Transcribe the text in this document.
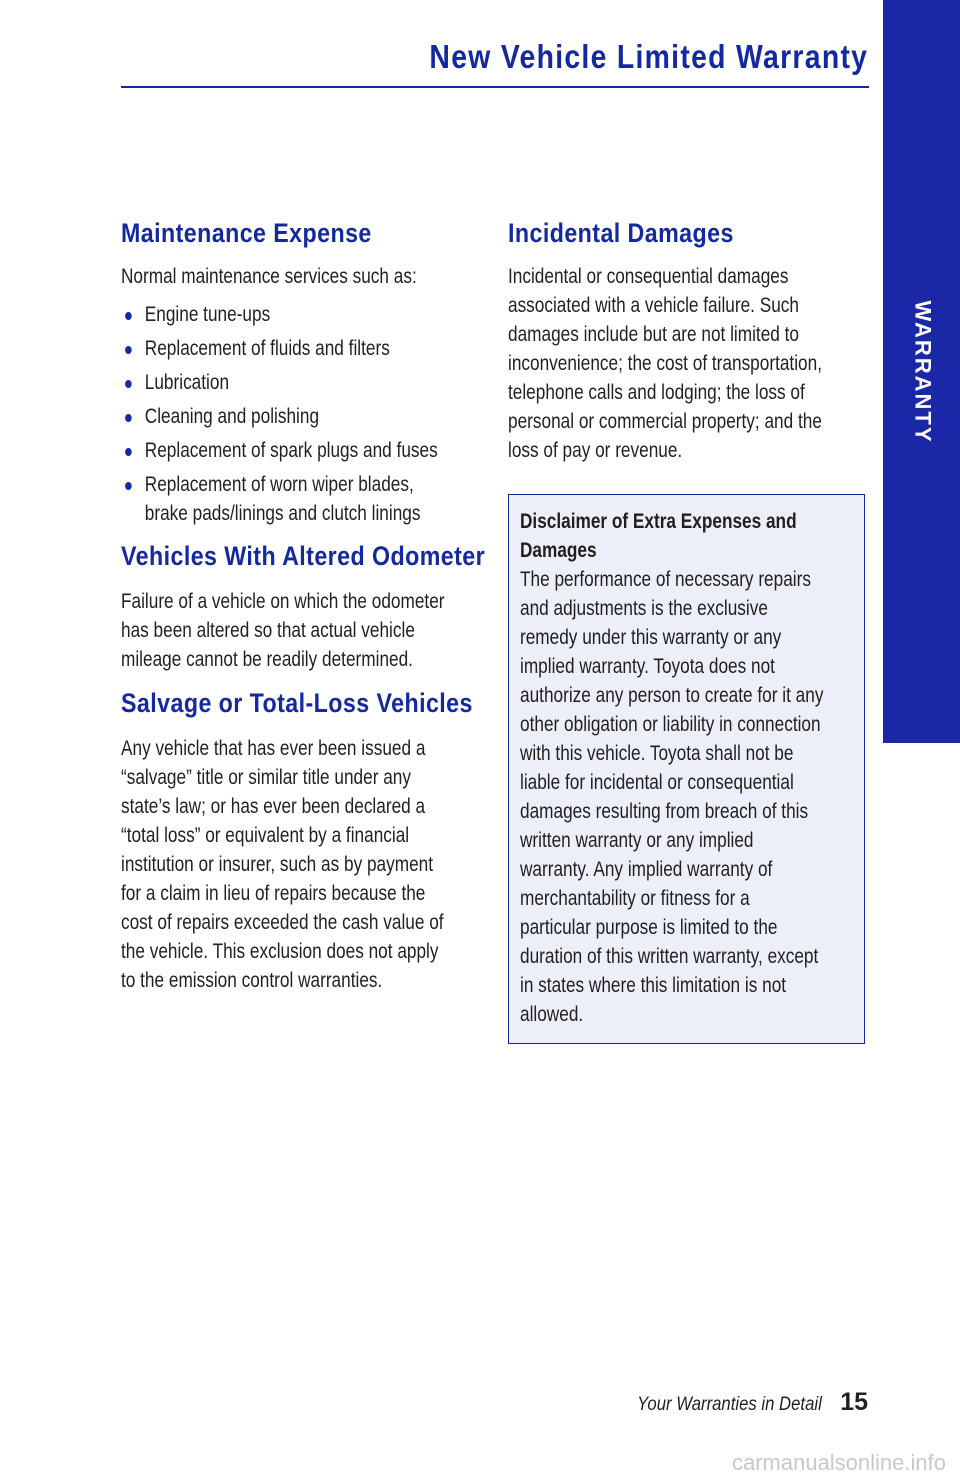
New Vehicle Limited Warranty
WARRANTY
Maintenance Expense
Normal maintenance services such as:
Engine tune-ups
Replacement of fluids and filters
Lubrication
Cleaning and polishing
Replacement of spark plugs and fuses
Replacement of worn wiper blades,
brake pads/linings and clutch linings
Vehicles With Altered Odometer

Failure of a vehicle on which the odometer

has been altered so that actual vehicle

mileage cannot be readily determined.

Salvage or Total-Loss Vehicles

Any vehicle that has ever been issued a

“salvage” title or similar title under any

state’s law; or has ever been declared a

“total loss” or equivalent by a financial

institution or insurer, such as by payment

for a claim in lieu of repairs because the

cost of repairs exceeded the cash value of

the vehicle. This exclusion does not apply

to the emission control warranties.

Incidental Damages

Incidental or consequential damages

associated with a vehicle failure. Such

damages include but are not limited to

inconvenience; the cost of transportation,

telephone calls and lodging; the loss of

personal or commercial property; and the

loss of pay or revenue.

Disclaimer of Extra Expenses and

Damages

The performance of necessary repairs

and adjustments is the exclusive

remedy under this warranty or any

implied warranty. Toyota does not

authorize any person to create for it any

other obligation or liability in connection

with this vehicle. Toyota shall not be

liable for incidental or consequential

damages resulting from breach of this

written warranty or any implied

warranty. Any implied warranty of

merchantability or fitness for a

particular purpose is limited to the

duration of this written warranty, except

in states where this limitation is not

allowed.

Your Warranties in Detail 15
carmanualsonline.info
